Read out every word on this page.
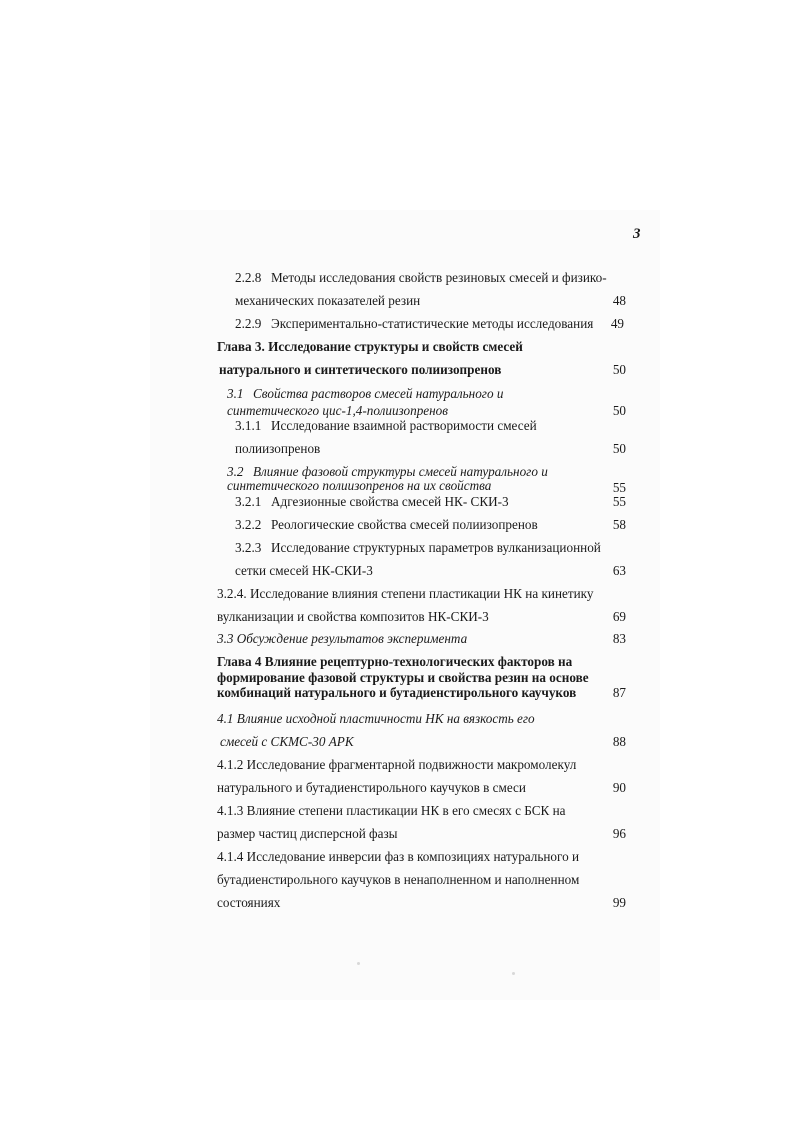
3
2.2.8 Методы исследования свойств резиновых смесей и физико-
механических показателей резин	48
2.2.9 Экспериментально-статистические методы исследования	49
Глава 3. Исследование структуры и свойств смесей
натурального и синтетического полиизопренов	50
3.1 Свойства растворов смесей натурального и
синтетического цис-1,4-полиизопренов	50
3.1.1 Исследование взаимной растворимости смесей
полиизопренов	50
3.2 Влияние фазовой структуры смесей натурального и
синтетического полиизопренов на их свойства	55
3.2.1 Адгезионные свойства смесей НК- СКИ-3	55
3.2.2 Реологические свойства смесей полиизопренов	58
3.2.3 Исследование структурных параметров вулканизационной
сетки смесей НК-СКИ-3	63
3.2.4. Исследование влияния степени пластикации НК на кинетику
вулканизации и свойства композитов НК-СКИ-3	69
3.3 Обсуждение результатов эксперимента	83
Глава 4 Влияние рецептурно-технологических факторов на
формирование фазовой структуры и свойства резин на основе
комбинаций натурального и бутадиенстирольного каучуков	87
4.1 Влияние исходной пластичности НК на вязкость его
смесей с СКМС-30 АРК	88
4.1.2 Исследование фрагментарной подвижности макромолекул
натурального и бутадиенстирольного каучуков в смеси	90
4.1.3 Влияние степени пластикации НК в его смесях с БСК на
размер частиц дисперсной фазы	96
4.1.4 Исследование инверсии фаз в композициях натурального и
бутадиенстирольного каучуков в ненаполненном и наполненном
состояниях	99
